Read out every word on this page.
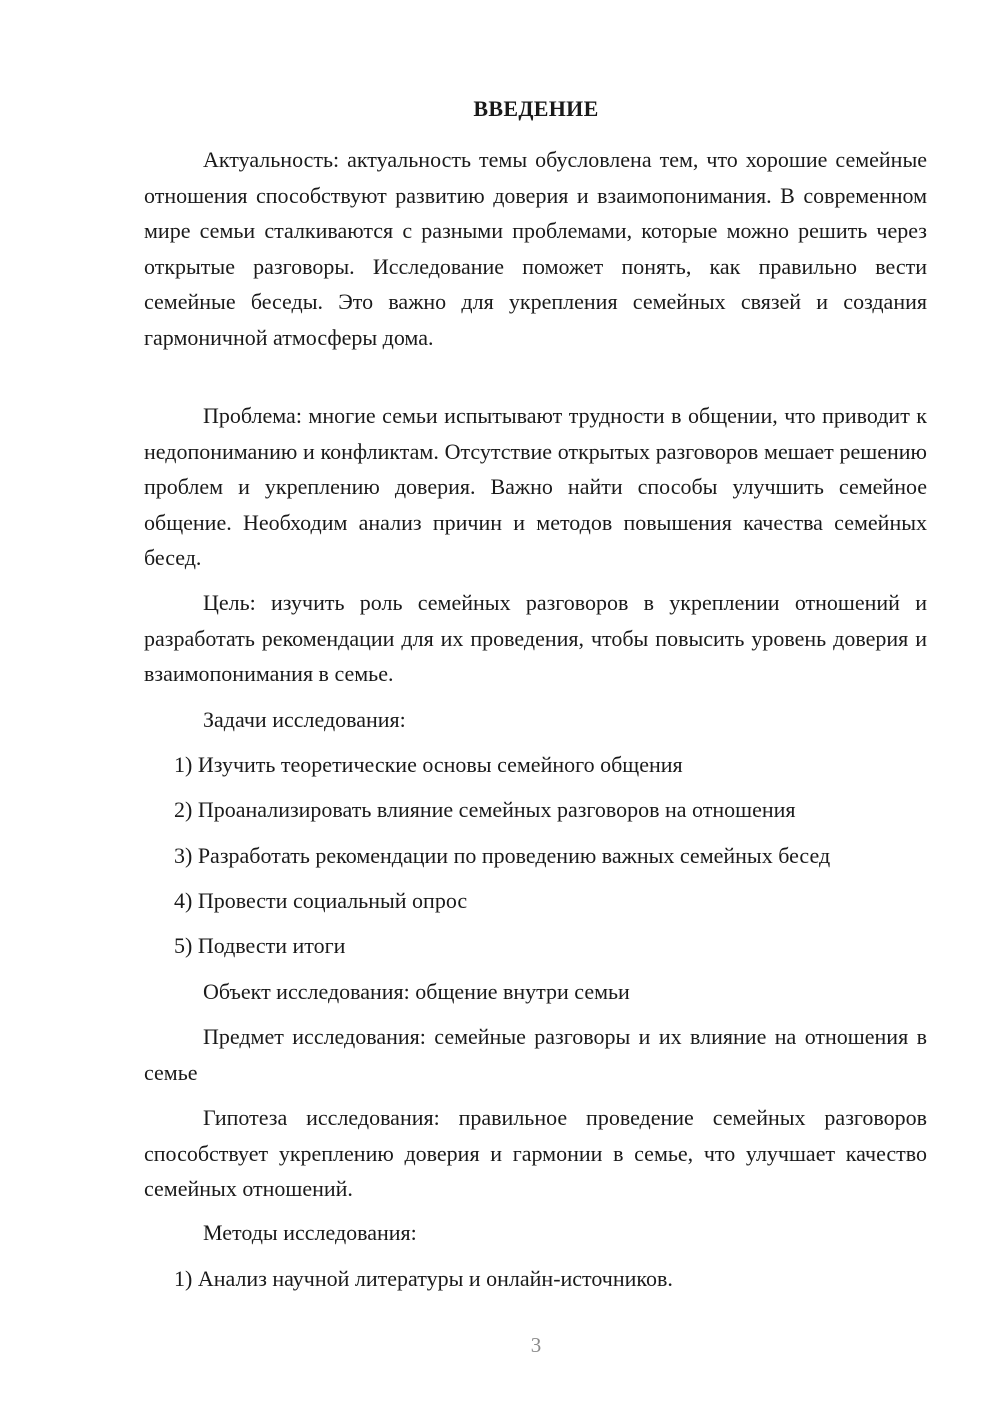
ВВЕДЕНИЕ

Актуальность: актуальность темы обусловлена тем, что хорошие семейные отношения способствуют развитию доверия и взаимопонимания. В современном мире семьи сталкиваются с разными проблемами, которые можно решить через открытые разговоры. Исследование поможет понять, как правильно вести семейные беседы. Это важно для укрепления семейных связей и создания гармоничной атмосферы дома.

Проблема: многие семьи испытывают трудности в общении, что приводит к недопониманию и конфликтам. Отсутствие открытых разговоров мешает решению проблем и укреплению доверия. Важно найти способы улучшить семейное общение. Необходим анализ причин и методов повышения качества семейных бесед.

Цель: изучить роль семейных разговоров в укреплении отношений и разработать рекомендации для их проведения, чтобы повысить уровень доверия и взаимопонимания в семье.

Задачи исследования:
1) Изучить теоретические основы семейного общения
2) Проанализировать влияние семейных разговоров на отношения
3) Разработать рекомендации по проведению важных семейных бесед
4) Провести социальный опрос
5) Подвести итоги
Объект исследования: общение внутри семьи

Предмет исследования: семейные разговоры и их влияние на отношения в семье

Гипотеза исследования: правильное проведение семейных разговоров способствует укреплению доверия и гармонии в семье, что улучшает качество семейных отношений.

Методы исследования:
1) Анализ научной литературы и онлайн-источников.
3
